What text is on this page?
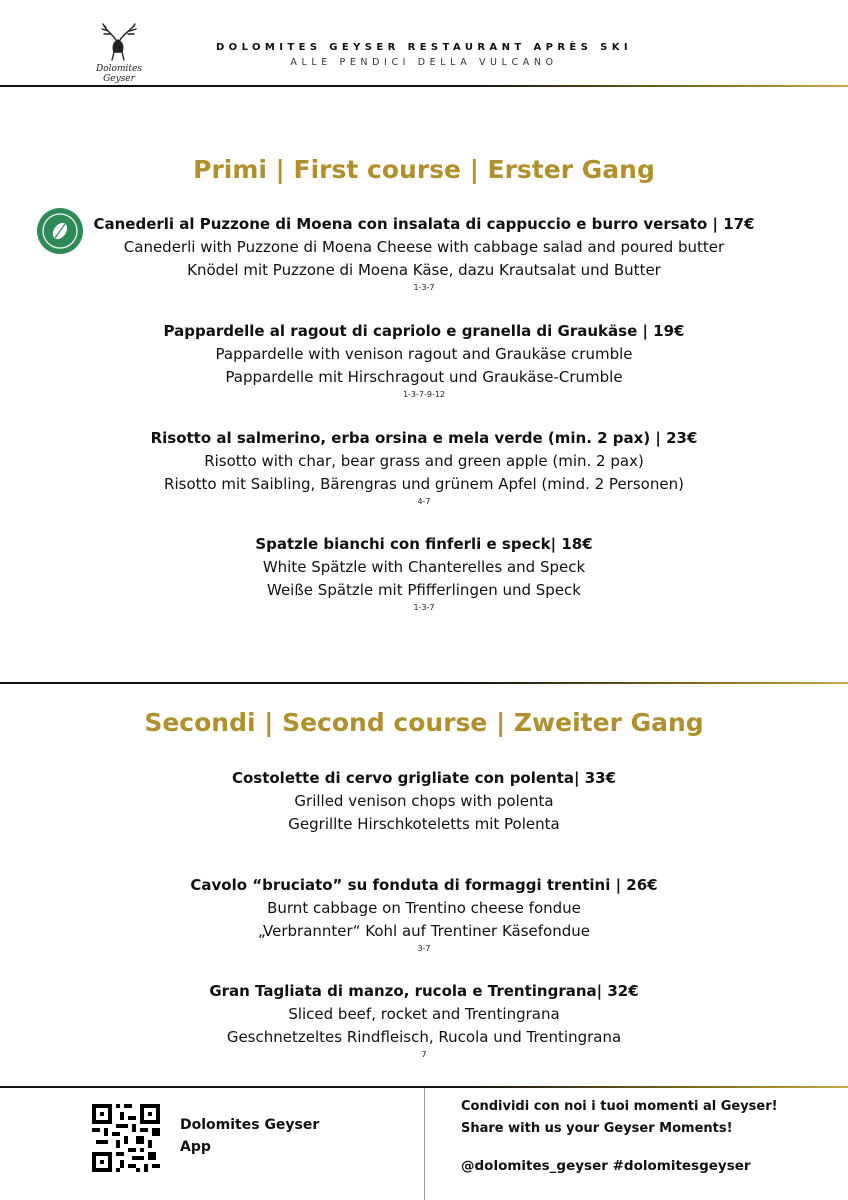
Dolomites Geyser
DOLOMITES GEYSER RESTAURANT APRÈS SKI
ALLE PENDICI DELLA VULCANO
Primi | First course | Erster Gang
Canederli al Puzzone di Moena con insalata di cappuccio e burro versato | 17€
Canederli with Puzzone di Moena Cheese with cabbage salad and poured butter
Knödel mit Puzzone di Moena Käse, dazu Krautsalat und Butter
1-3-7
Pappardelle al ragout di capriolo e granella di Graukäse | 19€
Pappardelle with venison ragout and Graukäse crumble
Pappardelle mit Hirschragout und Graukäse-Crumble
1-3-7-9-12
Risotto al salmerino, erba orsina e mela verde (min. 2 pax) | 23€
Risotto with char, bear grass and green apple (min. 2 pax)
Risotto mit Saibling, Bärengras und grünem Apfel (mind. 2 Personen)
4-7
Spatzle bianchi con finferli e speck| 18€
White Spätzle with Chanterelles and Speck
Weiße Spätzle mit Pfifferlingen und Speck
1-3-7
Secondi | Second course | Zweiter Gang
Costolette di cervo grigliate con polenta| 33€
Grilled venison chops with polenta
Gegrillte Hirschkoteletts mit Polenta
Cavolo “bruciato” su fonduta di formaggi trentini | 26€
Burnt cabbage on Trentino cheese fondue
„Verbrannter“ Kohl auf Trentiner Käsefondue
3-7
Gran Tagliata di manzo, rucola e Trentingrana| 32€
Sliced beef, rocket and Trentingrana
Geschnetzeltes Rindfleisch, Rucola und Trentingrana
7
Dolomites Geyser
App
Condividi con noi i tuoi momenti al Geyser!
Share with us your Geyser Moments!
@dolomites_geyser #dolomitesgeyser
